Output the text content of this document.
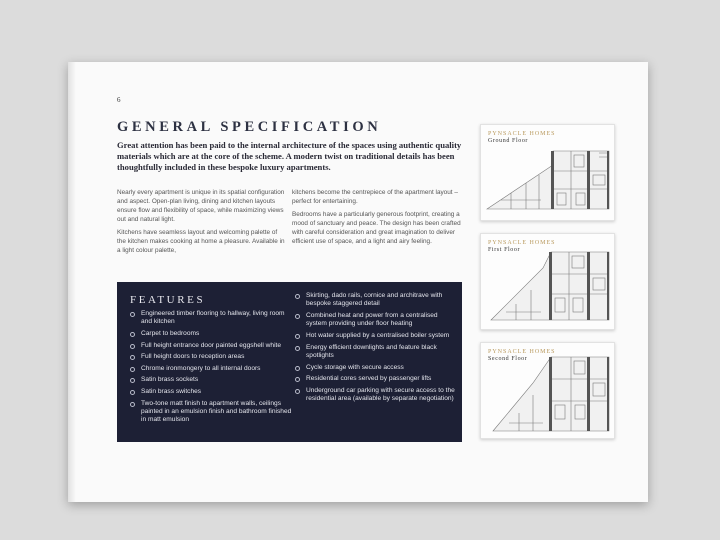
6
GENERAL SPECIFICATION

Great attention has been paid to the internal architecture of the spaces using authentic quality materials which are at the core of the scheme. A modern twist on traditional details has been thoughtfully included in these bespoke luxury apartments.

Nearly every apartment is unique in its spatial configuration and aspect. Open-plan living, dining and kitchen layouts ensure flow and flexibility of space, while maximizing views out and natural light.

Kitchens have seamless layout and welcoming palette of the kitchen makes cooking at home a pleasure. Available in a light colour palette,

kitchens become the centrepiece of the apartment layout – perfect for entertaining.

Bedrooms have a particularly generous footprint, creating a mood of sanctuary and peace. The design has been crafted with careful consideration and great imagination to deliver efficient use of space, and a light and airy feeling.

FEATURES
Engineered timber flooring to hallway, living room and kitchen
Carpet to bedrooms
Full height entrance door painted eggshell white
Full height doors to reception areas
Chrome ironmongery to all internal doors
Satin brass sockets
Satin brass switches
Two-tone matt finish to apartment walls, ceilings painted in an emulsion finish and bathroom finished in matt emulsion
Skirting, dado rails, cornice and architrave with bespoke staggered detail
Combined heat and power from a centralised system providing under floor heating
Hot water supplied by a centralised boiler system
Energy efficient downlights and feature black spotlights
Cycle storage with secure access
Residential cores served by passenger lifts
Underground car parking with secure access to the residential area (available by separate negotiation)
PYNSACLE HOMES
Ground Floor
PYNSACLE HOMES
First Floor
PYNSACLE HOMES
Second Floor
